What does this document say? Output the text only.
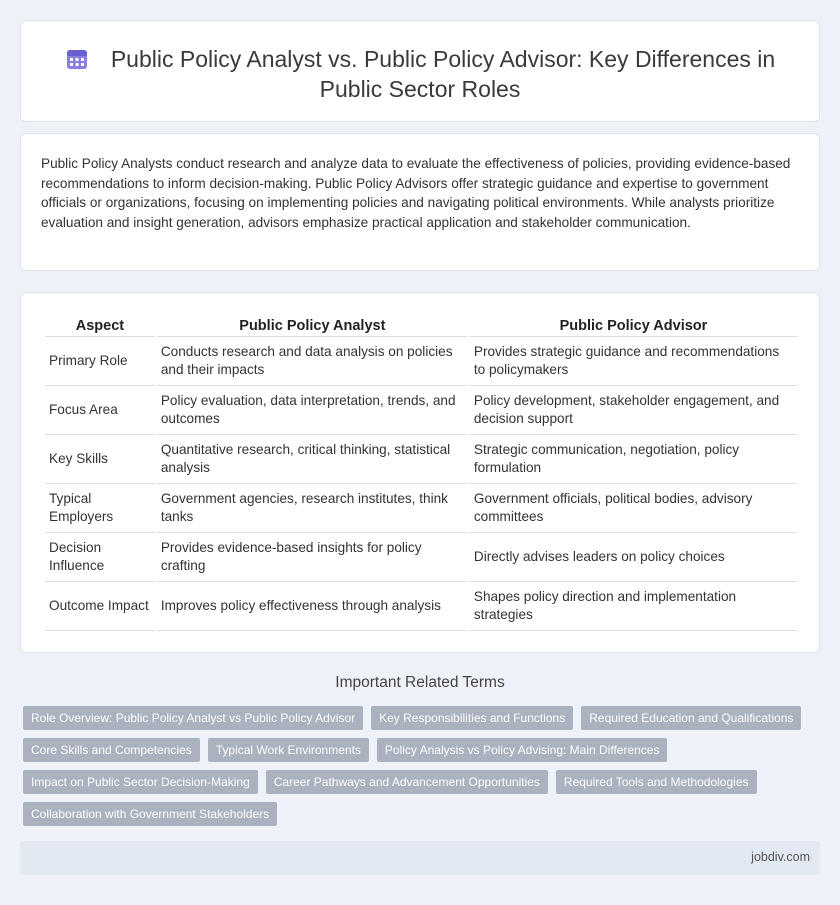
Public Policy Analyst vs. Public Policy Advisor: Key Differences in Public Sector Roles

Public Policy Analysts conduct research and analyze data to evaluate the effectiveness of policies, providing evidence-based recommendations to inform decision-making. Public Policy Advisors offer strategic guidance and expertise to government officials or organizations, focusing on implementing policies and navigating political environments. While analysts prioritize evaluation and insight generation, advisors emphasize practical application and stakeholder communication.

Aspect	Public Policy Analyst	Public Policy Advisor
Primary Role	Conducts research and data analysis on policies and their impacts	Provides strategic guidance and recommendations to policymakers
Focus Area	Policy evaluation, data interpretation, trends, and outcomes	Policy development, stakeholder engagement, and decision support
Key Skills	Quantitative research, critical thinking, statistical analysis	Strategic communication, negotiation, policy formulation
Typical Employers	Government agencies, research institutes, think tanks	Government officials, political bodies, advisory committees
Decision Influence	Provides evidence-based insights for policy crafting	Directly advises leaders on policy choices
Outcome Impact	Improves policy effectiveness through analysis	Shapes policy direction and implementation strategies
Important Related Terms
Role Overview: Public Policy Analyst vs Public Policy Advisor	Key Responsibilities and Functions	Required Education and Qualifications
Core Skills and Competencies	Typical Work Environments	Policy Analysis vs Policy Advising: Main Differences
Impact on Public Sector Decision-Making	Career Pathways and Advancement Opportunities	Required Tools and Methodologies
Collaboration with Government Stakeholders
jobdiv.com
